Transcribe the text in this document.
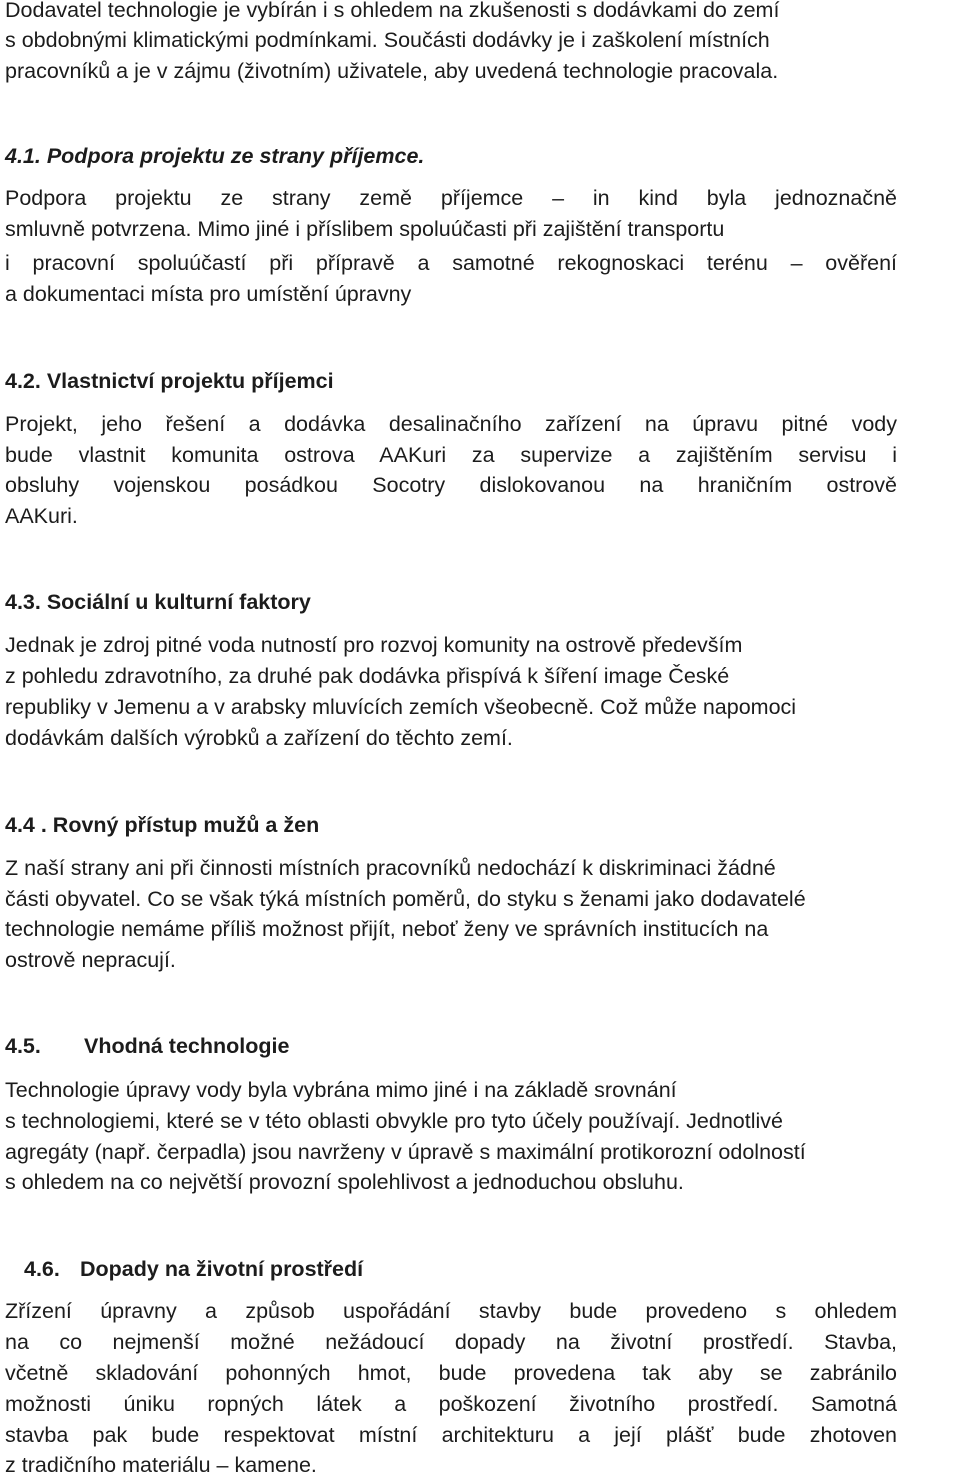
Dodavatel technologie je vybírán i s ohledem na zkušenosti s dodávkami do zemí
s obdobnými klimatickými podmínkami. Součásti dodávky je i zaškolení místních
pracovníků a je v zájmu (životním) uživatele, aby uvedená technologie pracovala.
4.1. Podpora projektu ze strany příjemce.
Podpora projektu ze strany země příjemce – in kind byla jednoznačně
smluvně potvrzena. Mimo jiné i příslibem spoluúčasti při zajištění transportu
i pracovní spoluúčastí při přípravě a samotné rekognoskaci terénu – ověření
a dokumentaci místa pro umístění úpravny
4.2. Vlastnictví projektu příjemci
Projekt, jeho řešení a dodávka desalinačního zařízení na úpravu pitné vody
bude vlastnit komunita ostrova AAKuri za supervize a zajištěním servisu i
obsluhy vojenskou posádkou Socotry dislokovanou na hraničním ostrově
AAKuri.
4.3. Sociální u kulturní faktory
Jednak je zdroj pitné voda nutností pro rozvoj komunity na ostrově především
z pohledu zdravotního, za druhé pak dodávka přispívá k šíření image České
republiky v Jemenu a v arabsky mluvících zemích všeobecně. Což může napomoci
dodávkám dalších výrobků a zařízení do těchto zemí.
4.4 . Rovný přístup mužů a žen
Z naší strany ani při činnosti místních pracovníků nedochází k diskriminaci žádné
části obyvatel. Co se však týká místních poměrů, do styku s ženami jako dodavatelé
technologie nemáme příliš možnost přijít, neboť ženy ve správních institucích na
ostrově nepracují.
4.5. Vhodná technologie
Technologie úpravy vody byla vybrána mimo jiné i na základě srovnání
s technologiemi, které se v této oblasti obvykle pro tyto účely používají. Jednotlivé
agregáty (např. čerpadla) jsou navrženy v úpravě s maximální protikorozní odolností
s ohledem na co největší provozní spolehlivost a jednoduchou obsluhu.
4.6. Dopady na životní prostředí
Zřízení úpravny a způsob uspořádání stavby bude provedeno s ohledem
na co nejmenší možné nežádoucí dopady na životní prostředí. Stavba,
včetně skladování pohonných hmot, bude provedena tak aby se zabránilo
možnosti úniku ropných látek a poškození životního prostředí. Samotná
stavba pak bude respektovat místní architekturu a její plášť bude zhotoven
z tradičního materiálu – kamene.
